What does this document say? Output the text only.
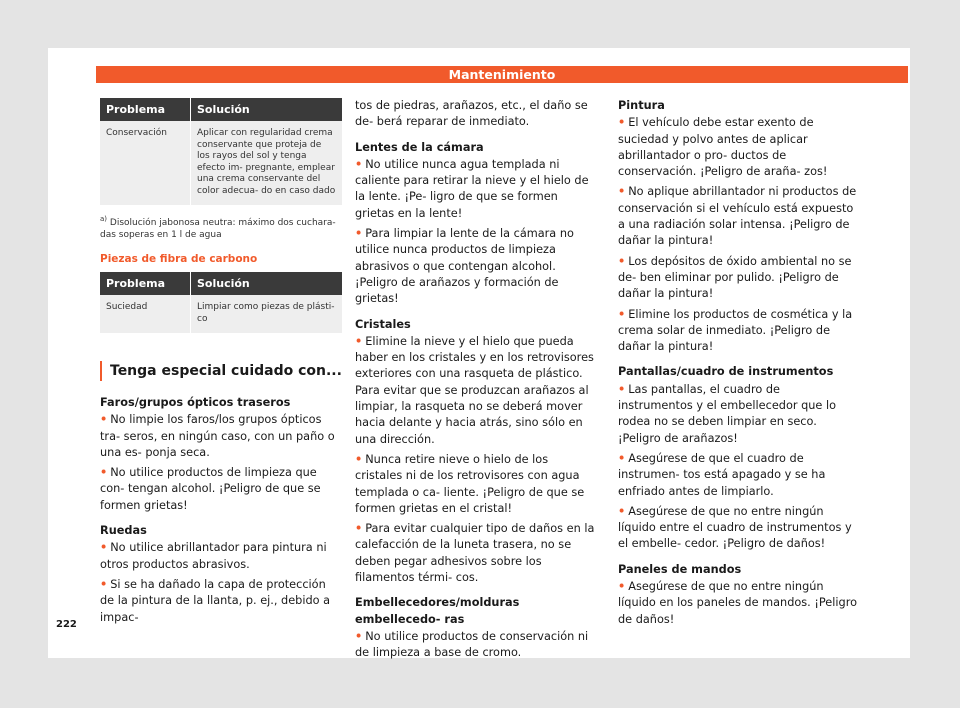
Mantenimiento
Problema	Solución
Conservación	Aplicar con regularidad crema conservante que proteja de los rayos del sol y tenga efecto im- pregnante, emplear una crema conservante del color adecua- do en caso dado
$^{a)}$ Disolución jabonosa neutra: máximo dos cuchara- das soperas en 1 l de agua
Piezas de fibra de carbono
Problema	Solución
Suciedad	Limpiar como piezas de plásti- co
Tenga especial cuidado con...
Faros/grupos ópticos traseros

• No limpie los faros/los grupos ópticos tra- seros, en ningún caso, con un paño o una es- ponja seca.

• No utilice productos de limpieza que con- tengan alcohol. ¡Peligro de que se formen grietas!

Ruedas

• No utilice abrillantador para pintura ni otros productos abrasivos.

• Si se ha dañado la capa de protección de la pintura de la llanta, p. ej., debido a impac-

tos de piedras, arañazos, etc., el daño se de- berá reparar de inmediato.

Lentes de la cámara

• No utilice nunca agua templada ni caliente para retirar la nieve y el hielo de la lente. ¡Pe- ligro de que se formen grietas en la lente!

• Para limpiar la lente de la cámara no utilice nunca productos de limpieza abrasivos o que contengan alcohol. ¡Peligro de arañazos y formación de grietas!

Cristales

• Elimine la nieve y el hielo que pueda haber en los cristales y en los retrovisores exteriores con una rasqueta de plástico. Para evitar que se produzcan arañazos al limpiar, la rasqueta no se deberá mover hacia delante y hacia atrás, sino sólo en una dirección.

• Nunca retire nieve o hielo de los cristales ni de los retrovisores con agua templada o ca- liente. ¡Peligro de que se formen grietas en el cristal!

• Para evitar cualquier tipo de daños en la calefacción de la luneta trasera, no se deben pegar adhesivos sobre los filamentos térmi- cos.

Embellecedores/molduras embellecedo- ras

• No utilice productos de conservación ni de limpieza a base de cromo.

Pintura

• El vehículo debe estar exento de suciedad y polvo antes de aplicar abrillantador o pro- ductos de conservación. ¡Peligro de araña- zos!

• No aplique abrillantador ni productos de conservación si el vehículo está expuesto a una radiación solar intensa. ¡Peligro de dañar la pintura!

• Los depósitos de óxido ambiental no se de- ben eliminar por pulido. ¡Peligro de dañar la pintura!

• Elimine los productos de cosmética y la crema solar de inmediato. ¡Peligro de dañar la pintura!

Pantallas/cuadro de instrumentos

• Las pantallas, el cuadro de instrumentos y el embellecedor que lo rodea no se deben limpiar en seco. ¡Peligro de arañazos!

• Asegúrese de que el cuadro de instrumen- tos está apagado y se ha enfriado antes de limpiarlo.

• Asegúrese de que no entre ningún líquido entre el cuadro de instrumentos y el embelle- cedor. ¡Peligro de daños!

Paneles de mandos

• Asegúrese de que no entre ningún líquido en los paneles de mandos. ¡Peligro de daños!

222
